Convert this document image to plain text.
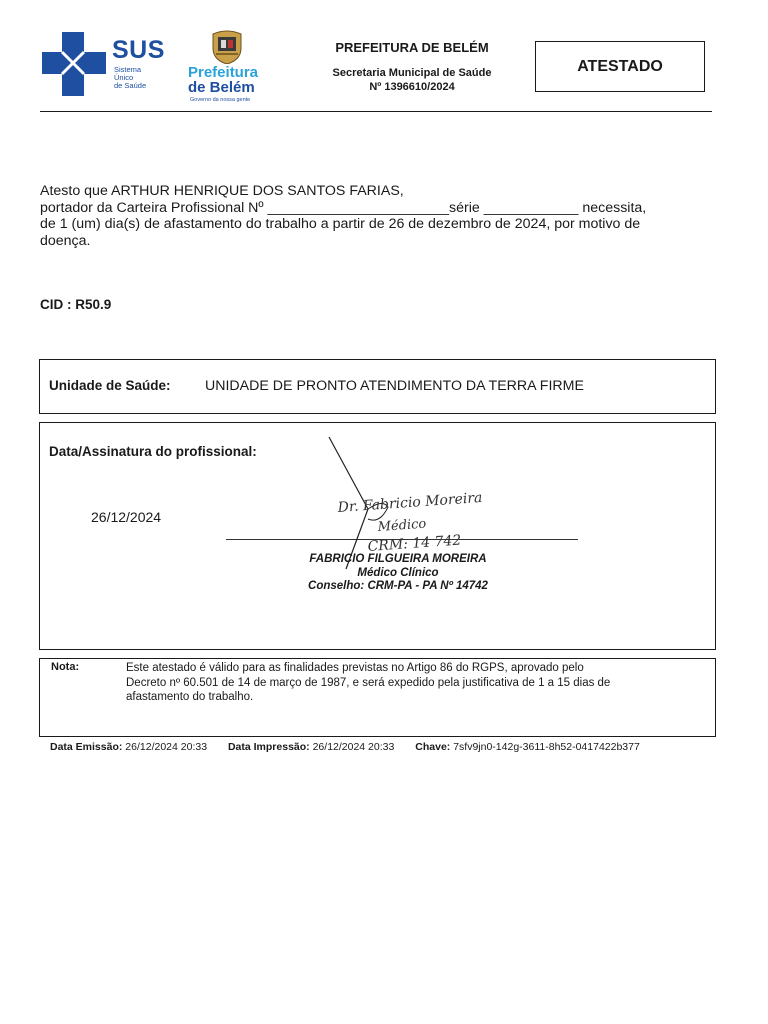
SUS
Sistema
Único
de Saúde
Prefeitura
de Belém
Governo da nossa gente
PREFEITURA DE BELÉM
Secretaria Municipal de Saúde
Nº 1396610/2024
ATESTADO
Atesto que ARTHUR HENRIQUE DOS SANTOS FARIAS,
portador da Carteira Profissional Nº _______________________série ____________ necessita,
de 1 (um) dia(s) de afastamento do trabalho a partir de 26 de dezembro de 2024, por motivo de
doença.
CID : R50.9
Unidade de Saúde: UNIDADE DE PRONTO ATENDIMENTO DA TERRA FIRME
Data/Assinatura do profissional:
26/12/2024
Dr. Fabricio Moreira
Médico
CRM: 14 742
FABRICIO FILGUEIRA MOREIRA
Médico Clínico
Conselho: CRM-PA - PA Nº 14742
Nota:	Este atestado é válido para as finalidades previstas no Artigo 86 do RGPS, aprovado pelo Decreto nº 60.501 de 14 de março de 1987, e será expedido pela justificativa de 1 a 15 dias de afastamento do trabalho.
Data Emissão: 26/12/2024 20:33 Data Impressão: 26/12/2024 20:33 Chave: 7sfv9jn0-142g-3611-8h52-0417422b377
